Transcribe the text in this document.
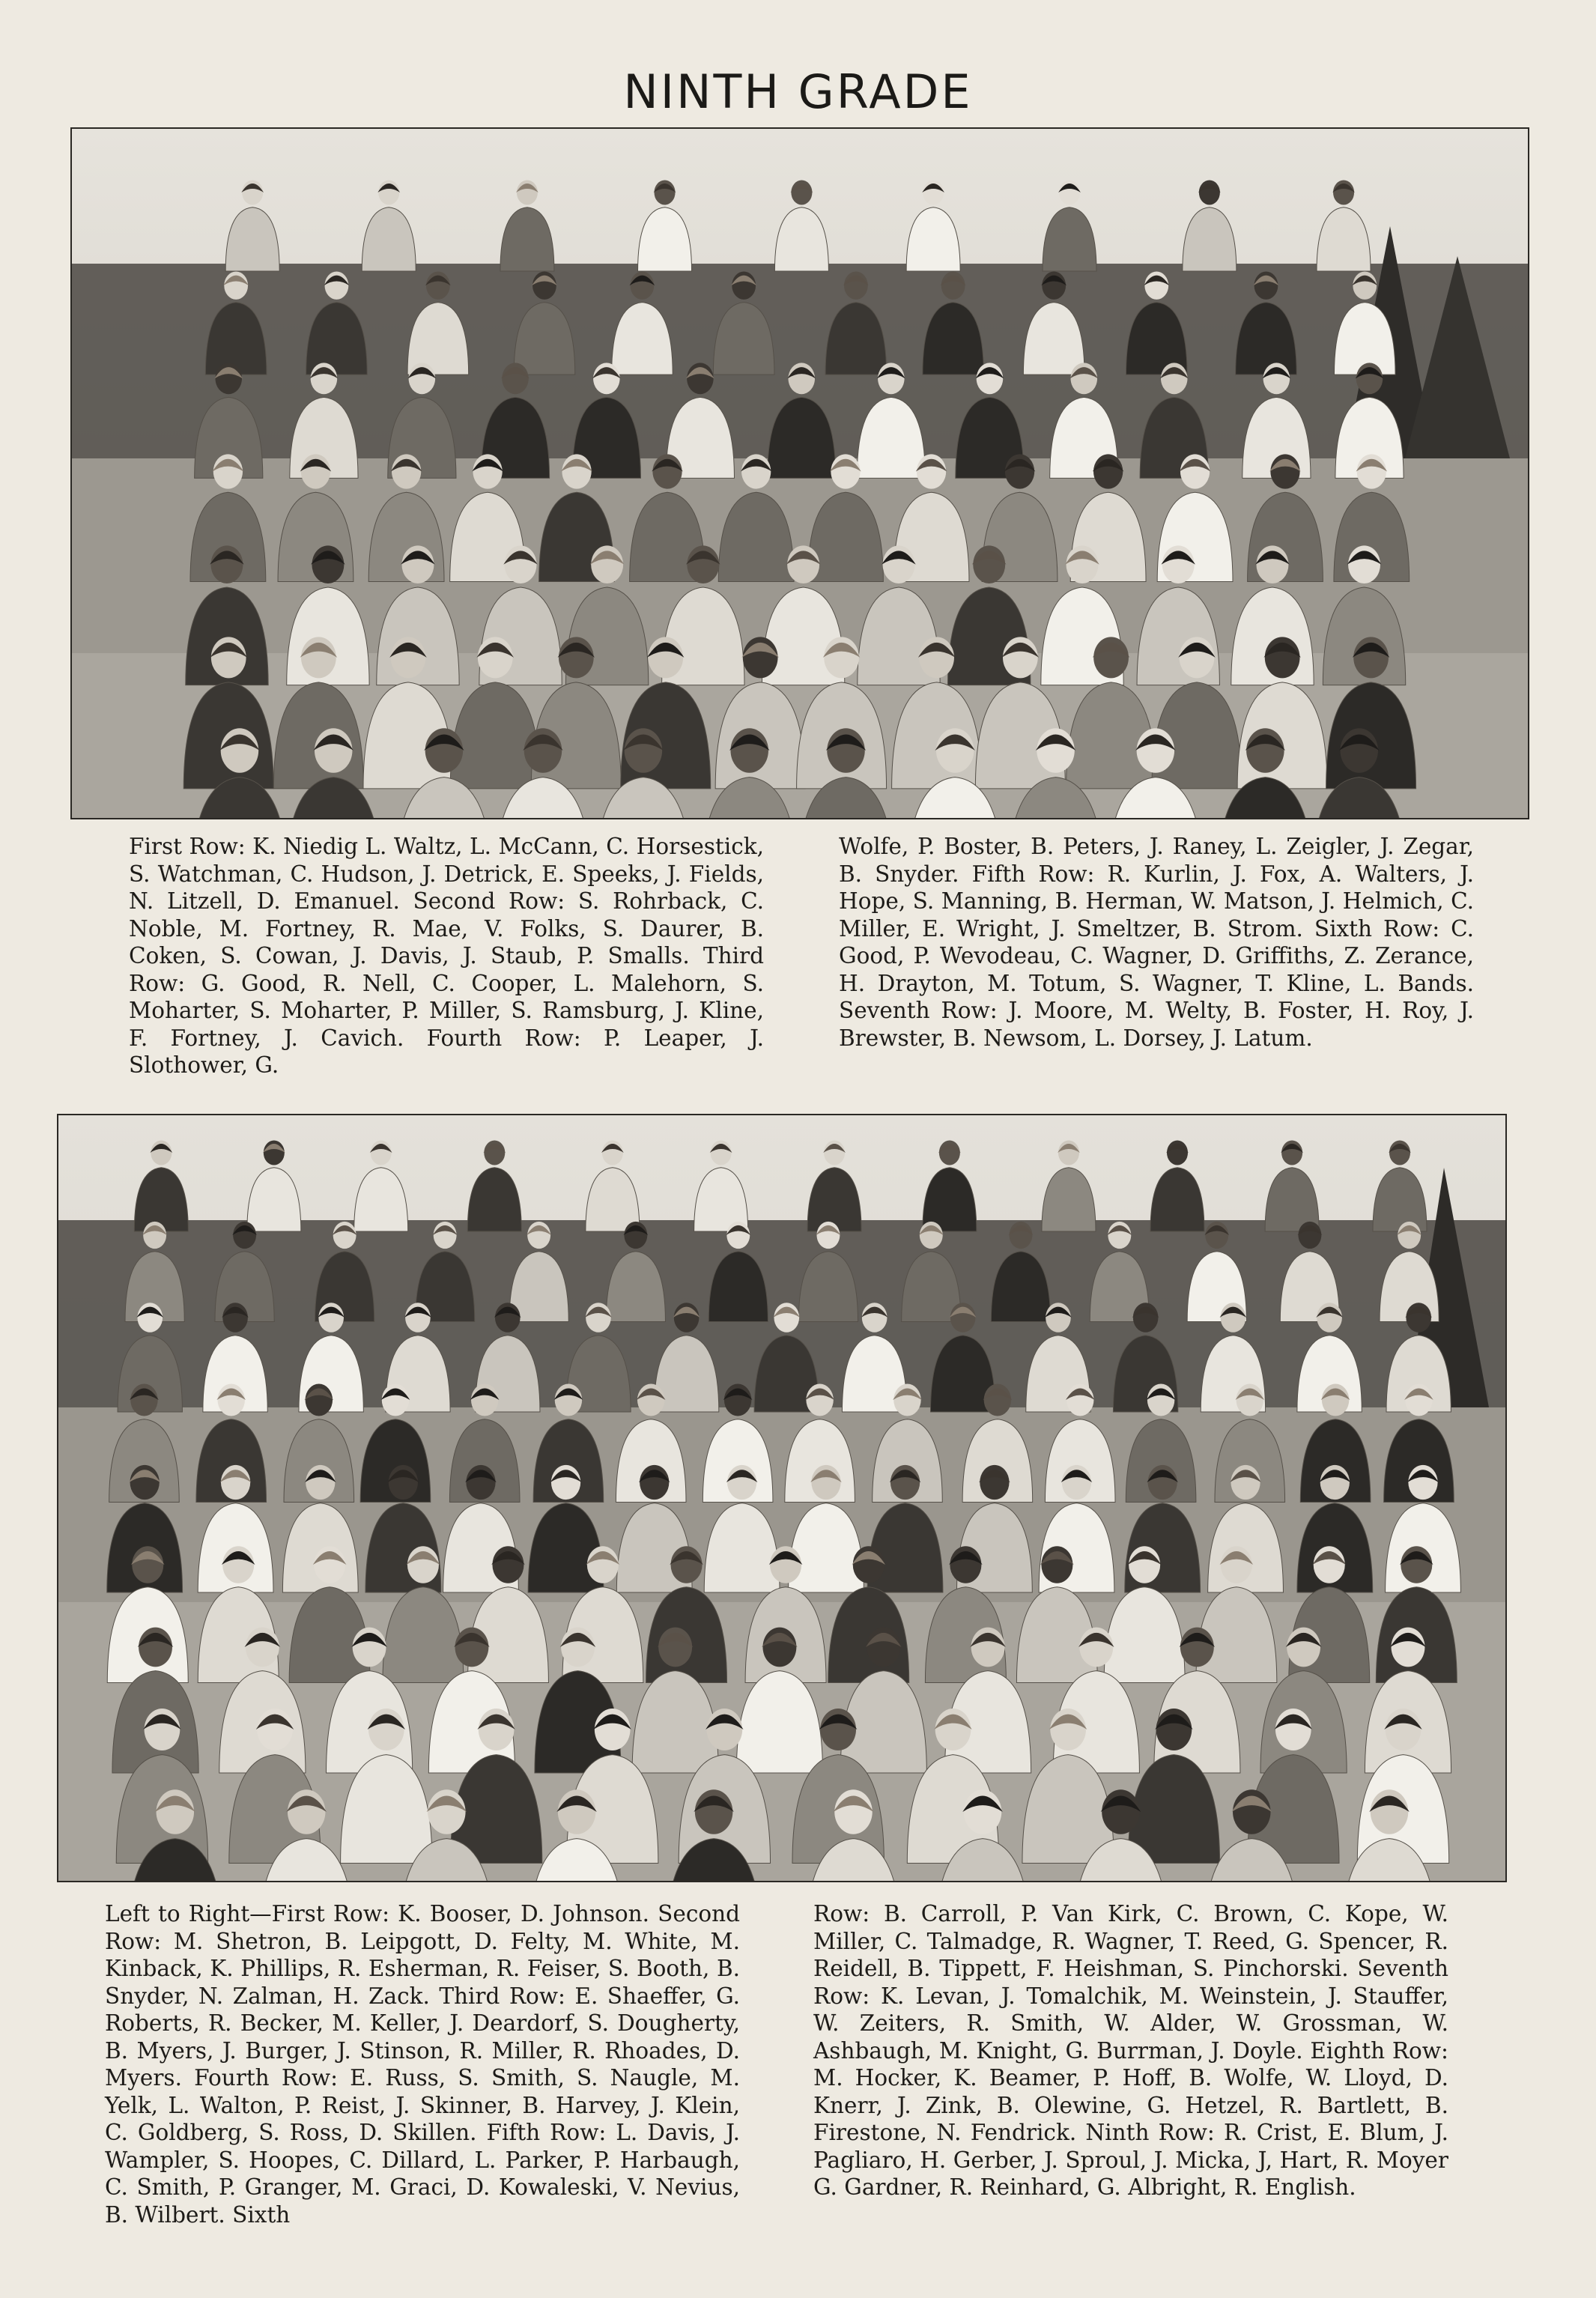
NINTH GRADE
First Row: K. Niedig L. Waltz, L. McCann, C. Horsestick, S. Watchman, C. Hudson, J. Detrick, E. Speeks, J. Fields, N. Litzell, D. Emanuel. Second Row: S. Rohrback, C. Noble, M. Fortney, R. Mae, V. Folks, S. Daurer, B. Coken, S. Cowan, J. Davis, J. Staub, P. Smalls. Third Row: G. Good, R. Nell, C. Cooper, L. Malehorn, S. Moharter, S. Moharter, P. Miller, S. Ramsburg, J. Kline, F. Fortney, J. Cavich. Fourth Row: P. Leaper, J. Slothower, G.
Wolfe, P. Boster, B. Peters, J. Raney, L. Zeigler, J. Zegar, B. Snyder. Fifth Row: R. Kurlin, J. Fox, A. Walters, J. Hope, S. Manning, B. Herman, W. Matson, J. Helmich, C. Miller, E. Wright, J. Smeltzer, B. Strom. Sixth Row: C. Good, P. Wevodeau, C. Wagner, D. Griffiths, Z. Zerance, H. Drayton, M. Totum, S. Wagner, T. Kline, L. Bands. Seventh Row: J. Moore, M. Welty, B. Foster, H. Roy, J. Brewster, B. Newsom, L. Dorsey, J. Latum.
Left to Right—First Row: K. Booser, D. Johnson. Second Row: M. Shetron, B. Leipgott, D. Felty, M. White, M. Kinback, K. Phillips, R. Esherman, R. Feiser, S. Booth, B. Snyder, N. Zalman, H. Zack. Third Row: E. Shaeffer, G. Roberts, R. Becker, M. Keller, J. Deardorf, S. Dougherty, B. Myers, J. Burger, J. Stinson, R. Miller, R. Rhoades, D. Myers. Fourth Row: E. Russ, S. Smith, S. Naugle, M. Yelk, L. Walton, P. Reist, J. Skinner, B. Harvey, J. Klein, C. Goldberg, S. Ross, D. Skillen. Fifth Row: L. Davis, J. Wampler, S. Hoopes, C. Dillard, L. Parker, P. Harbaugh, C. Smith, P. Granger, M. Graci, D. Kowaleski, V. Nevius, B. Wilbert. Sixth
Row: B. Carroll, P. Van Kirk, C. Brown, C. Kope, W. Miller, C. Talmadge, R. Wagner, T. Reed, G. Spencer, R. Reidell, B. Tippett, F. Heishman, S. Pinchorski. Seventh Row: K. Levan, J. Tomalchik, M. Weinstein, J. Stauffer, W. Zeiters, R. Smith, W. Alder, W. Grossman, W. Ashbaugh, M. Knight, G. Burrman, J. Doyle. Eighth Row: M. Hocker, K. Beamer, P. Hoff, B. Wolfe, W. Lloyd, D. Knerr, J. Zink, B. Olewine, G. Hetzel, R. Bartlett, B. Firestone, N. Fendrick. Ninth Row: R. Crist, E. Blum, J. Pagliaro, H. Gerber, J. Sproul, J. Micka, J, Hart, R. Moyer G. Gardner, R. Reinhard, G. Albright, R. English.
